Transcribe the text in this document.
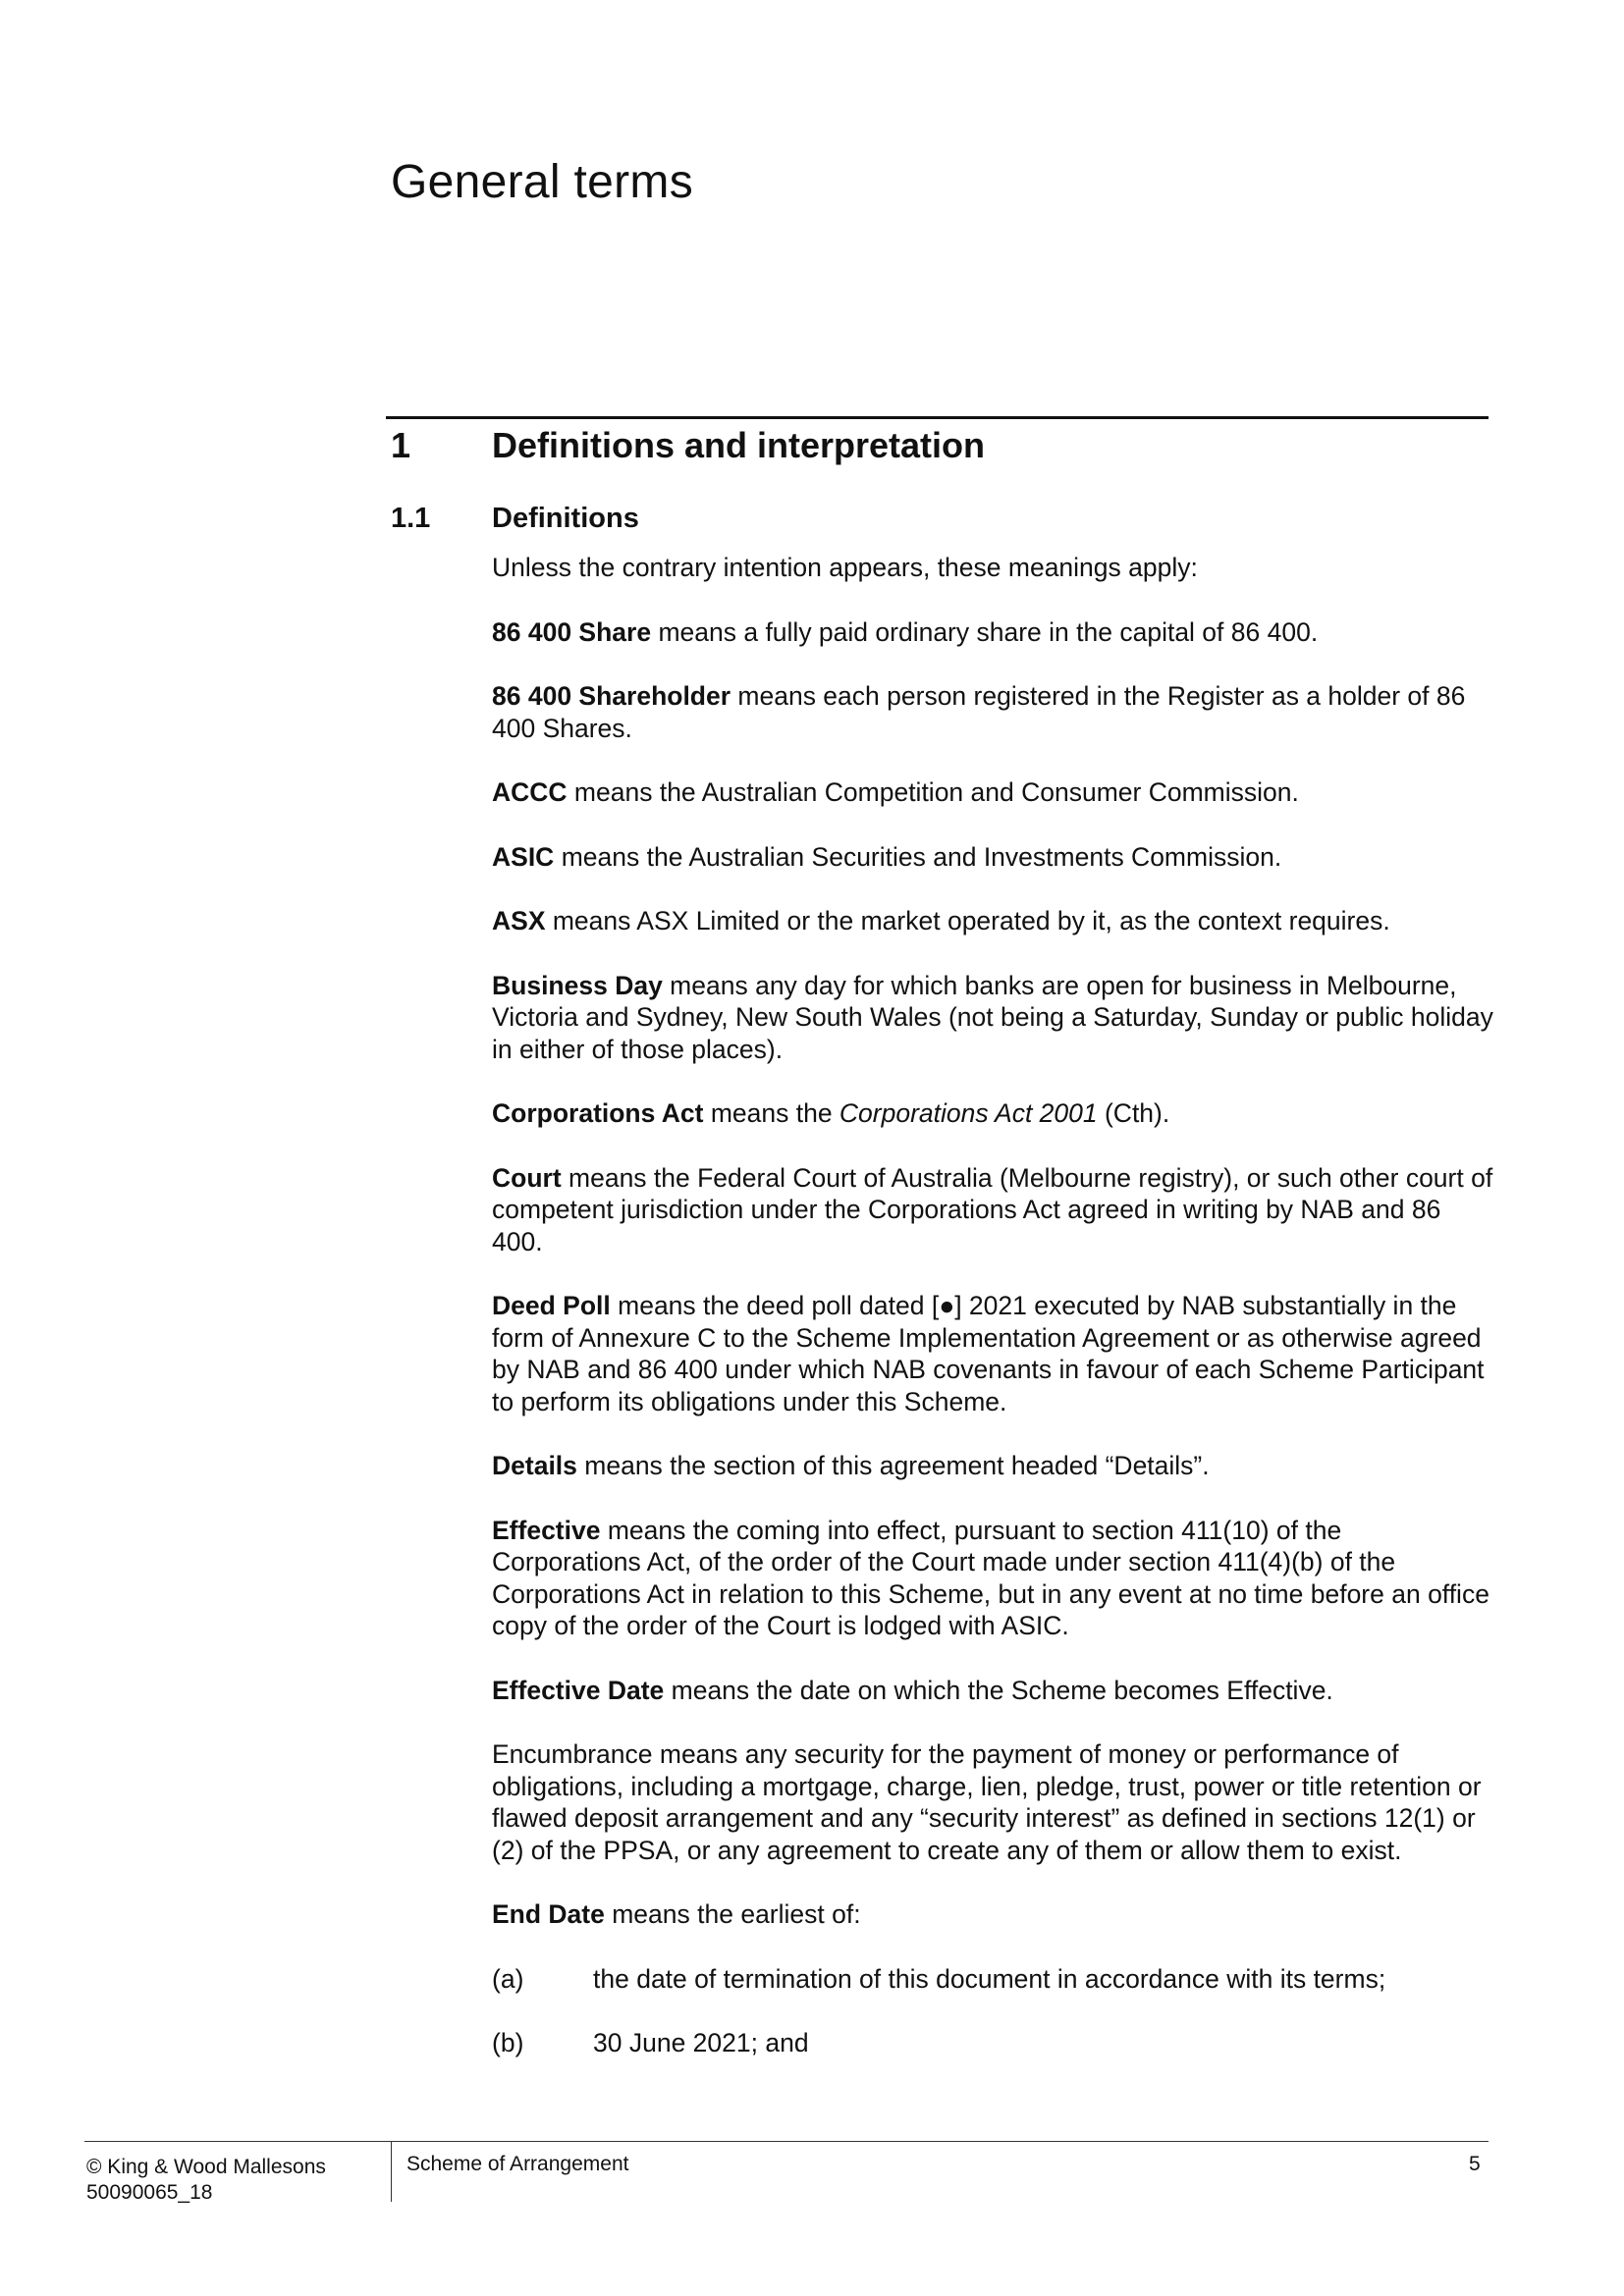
General terms
1 Definitions and interpretation
1.1 Definitions

Unless the contrary intention appears, these meanings apply:

86 400 Share means a fully paid ordinary share in the capital of 86 400.

86 400 Shareholder means each person registered in the Register as a holder of 86 400 Shares.

ACCC means the Australian Competition and Consumer Commission.

ASIC means the Australian Securities and Investments Commission.

ASX means ASX Limited or the market operated by it, as the context requires.

Business Day means any day for which banks are open for business in Melbourne, Victoria and Sydney, New South Wales (not being a Saturday, Sunday or public holiday in either of those places).

Corporations Act means the Corporations Act 2001 (Cth).

Court means the Federal Court of Australia (Melbourne registry), or such other court of competent jurisdiction under the Corporations Act agreed in writing by NAB and 86 400.

Deed Poll means the deed poll dated [●] 2021 executed by NAB substantially in the form of Annexure C to the Scheme Implementation Agreement or as otherwise agreed by NAB and 86 400 under which NAB covenants in favour of each Scheme Participant to perform its obligations under this Scheme.

Details means the section of this agreement headed “Details”.

Effective means the coming into effect, pursuant to section 411(10) of the Corporations Act, of the order of the Court made under section 411(4)(b) of the Corporations Act in relation to this Scheme, but in any event at no time before an office copy of the order of the Court is lodged with ASIC.

Effective Date means the date on which the Scheme becomes Effective.

Encumbrance means any security for the payment of money or performance of obligations, including a mortgage, charge, lien, pledge, trust, power or title retention or flawed deposit arrangement and any “security interest” as defined in sections 12(1) or (2) of the PPSA, or any agreement to create any of them or allow them to exist.

End Date means the earliest of:

(a)	the date of termination of this document in accordance with its terms;
(b)	30 June 2021; and
© King & Wood Mallesons
50090065_18
Scheme of Arrangement	5
